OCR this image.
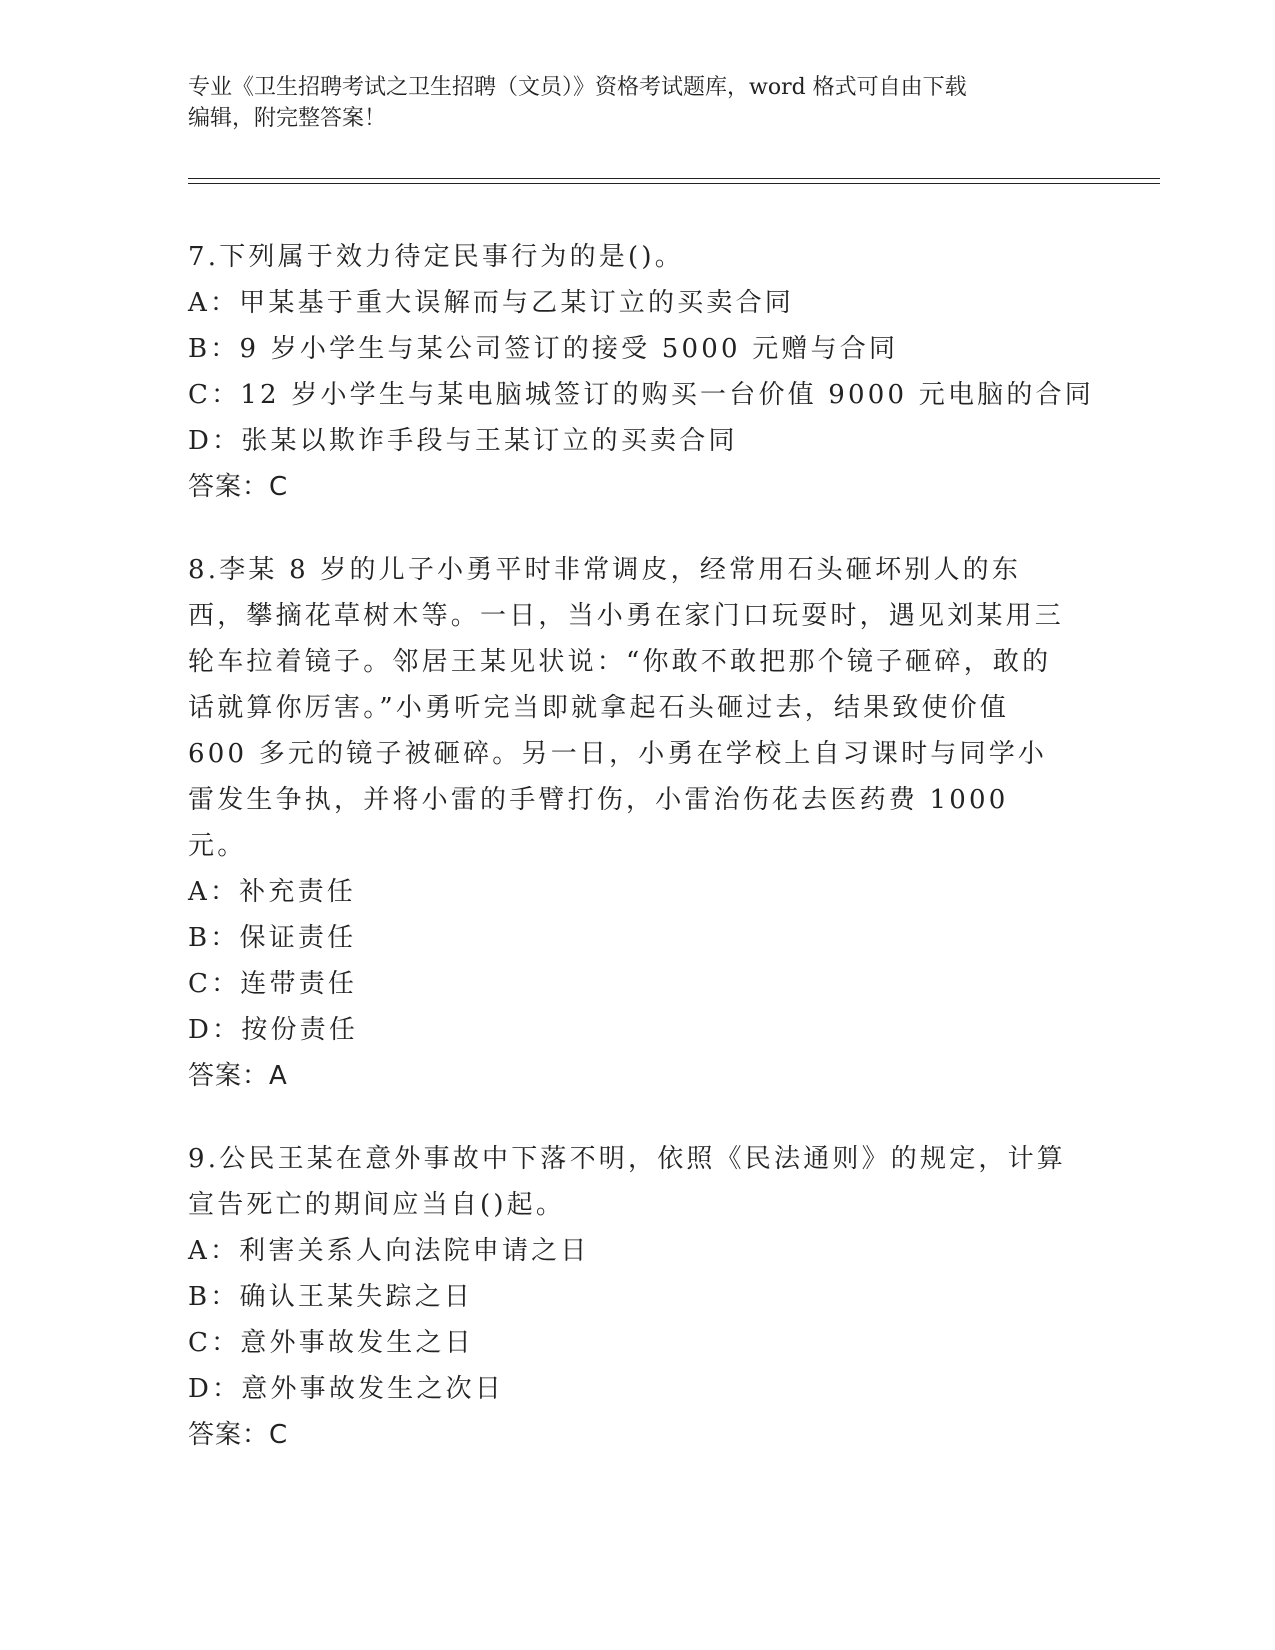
专业《卫生招聘考试之卫生招聘（文员）》资格考试题库，word 格式可自由下载
编辑，附完整答案！

7.下列属于效力待定民事行为的是()。

A：甲某基于重大误解而与乙某订立的买卖合同

B：9 岁小学生与某公司签订的接受 5000 元赠与合同

C：12 岁小学生与某电脑城签订的购买一台价值 9000 元电脑的合同

D：张某以欺诈手段与王某订立的买卖合同

答案：C

8.李某 8 岁的儿子小勇平时非常调皮，经常用石头砸坏别人的东西，攀摘花草树木等。一日，当小勇在家门口玩耍时，遇见刘某用三轮车拉着镜子。邻居王某见状说：“你敢不敢把那个镜子砸碎，敢的话就算你厉害。”小勇听完当即就拿起石头砸过去，结果致使价值 600 多元的镜子被砸碎。另一日，小勇在学校上自习课时与同学小雷发生争执，并将小雷的手臂打伤，小雷治伤花去医药费 1000 元。

A：补充责任

B：保证责任

C：连带责任

D：按份责任

答案：A

9.公民王某在意外事故中下落不明，依照《民法通则》的规定，计算宣告死亡的期间应当自()起。

A：利害关系人向法院申请之日

B：确认王某失踪之日

C：意外事故发生之日

D：意外事故发生之次日

答案：C
